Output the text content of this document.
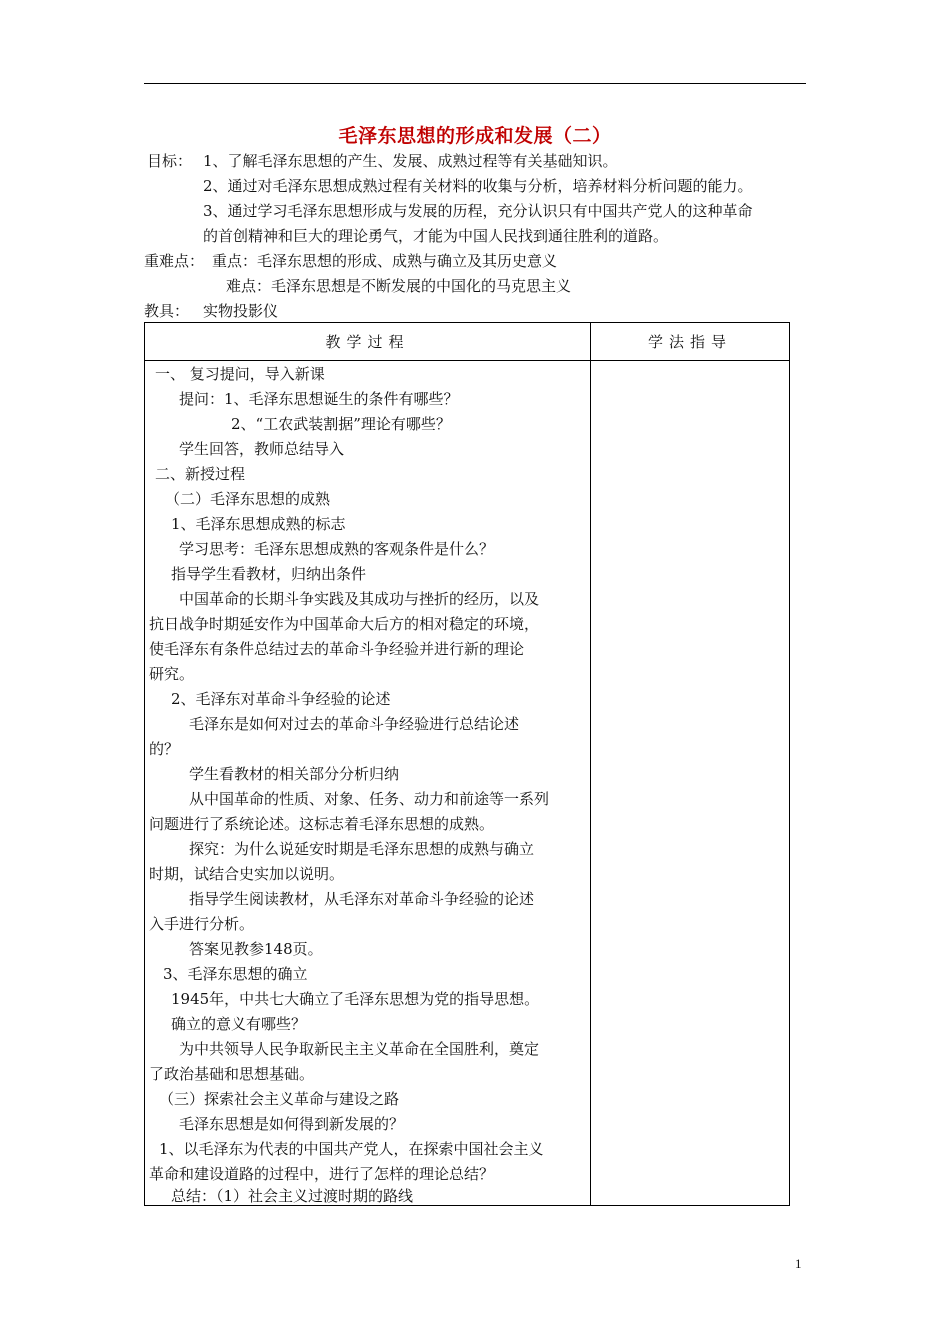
毛泽东思想的形成和发展（二）
目标： 1、了解毛泽东思想的产生、发展、成熟过程等有关基础知识。
2、通过对毛泽东思想成熟过程有关材料的收集与分析，培养材料分析问题的能力。
3、通过学习毛泽东思想形成与发展的历程，充分认识只有中国共产党人的这种革命
的首创精神和巨大的理论勇气，才能为中国人民找到通往胜利的道路。
重难点： 重点：毛泽东思想的形成、成熟与确立及其历史意义
难点：毛泽东思想是不断发展的中国化的马克思主义
教具： 实物投影仪
教学过程	学法指导
一、 复习提问，导入新课
提问：1、毛泽东思想诞生的条件有哪些？
2、“工农武装割据”理论有哪些？
学生回答，教师总结导入
二、新授过程
（二）毛泽东思想的成熟
1、毛泽东思想成熟的标志
学习思考：毛泽东思想成熟的客观条件是什么？
指导学生看教材，归纳出条件
中国革命的长期斗争实践及其成功与挫折的经历，以及
抗日战争时期延安作为中国革命大后方的相对稳定的环境，
使毛泽东有条件总结过去的革命斗争经验并进行新的理论
研究。
2、毛泽东对革命斗争经验的论述
毛泽东是如何对过去的革命斗争经验进行总结论述
的？
学生看教材的相关部分分析归纳
从中国革命的性质、对象、任务、动力和前途等一系列
问题进行了系统论述。这标志着毛泽东思想的成熟。
探究：为什么说延安时期是毛泽东思想的成熟与确立
时期，试结合史实加以说明。
指导学生阅读教材，从毛泽东对革命斗争经验的论述
入手进行分析。
答案见教参148页。
3、毛泽东思想的确立
1945年，中共七大确立了毛泽东思想为党的指导思想。
确立的意义有哪些？
为中共领导人民争取新民主主义革命在全国胜利，奠定
了政治基础和思想基础。
（三）探索社会主义革命与建设之路
毛泽东思想是如何得到新发展的？
1、以毛泽东为代表的中国共产党人，在探索中国社会主义
革命和建设道路的过程中，进行了怎样的理论总结？
总结：（1）社会主义过渡时期的路线
1
